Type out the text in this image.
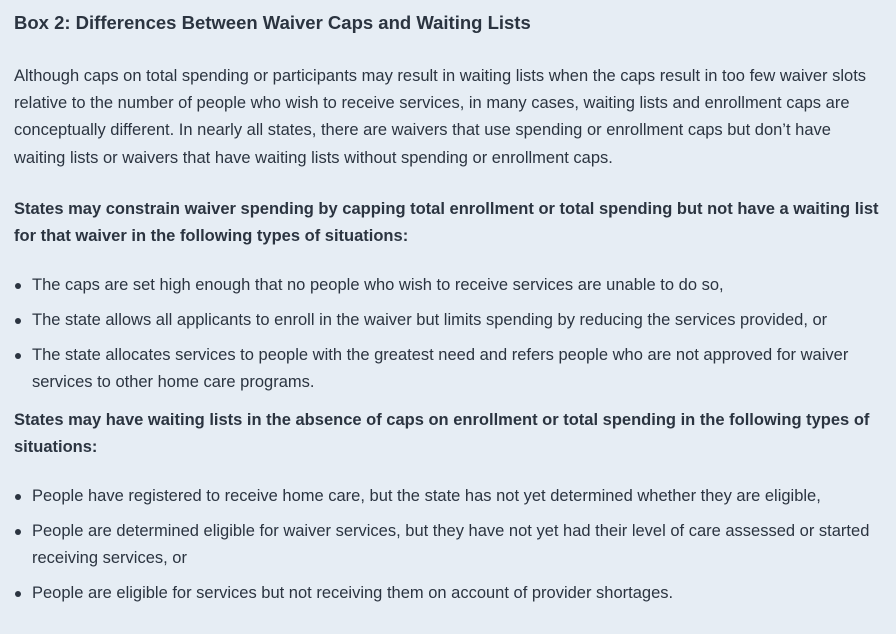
Box 2: Differences Between Waiver Caps and Waiting Lists

Although caps on total spending or participants may result in waiting lists when the caps result in too few waiver slots relative to the number of people who wish to receive services, in many cases, waiting lists and enrollment caps are conceptually different. In nearly all states, there are waivers that use spending or enrollment caps but don’t have waiting lists or waivers that have waiting lists without spending or enrollment caps.

States may constrain waiver spending by capping total enrollment or total spending but not have a waiting list for that waiver in the following types of situations:

The caps are set high enough that no people who wish to receive services are unable to do so,
The state allows all applicants to enroll in the waiver but limits spending by reducing the services provided, or
The state allocates services to people with the greatest need and refers people who are not approved for waiver services to other home care programs.

States may have waiting lists in the absence of caps on enrollment or total spending in the following types of situations:

People have registered to receive home care, but the state has not yet determined whether they are eligible,
People are determined eligible for waiver services, but they have not yet had their level of care assessed or started receiving services, or
People are eligible for services but not receiving them on account of provider shortages.
